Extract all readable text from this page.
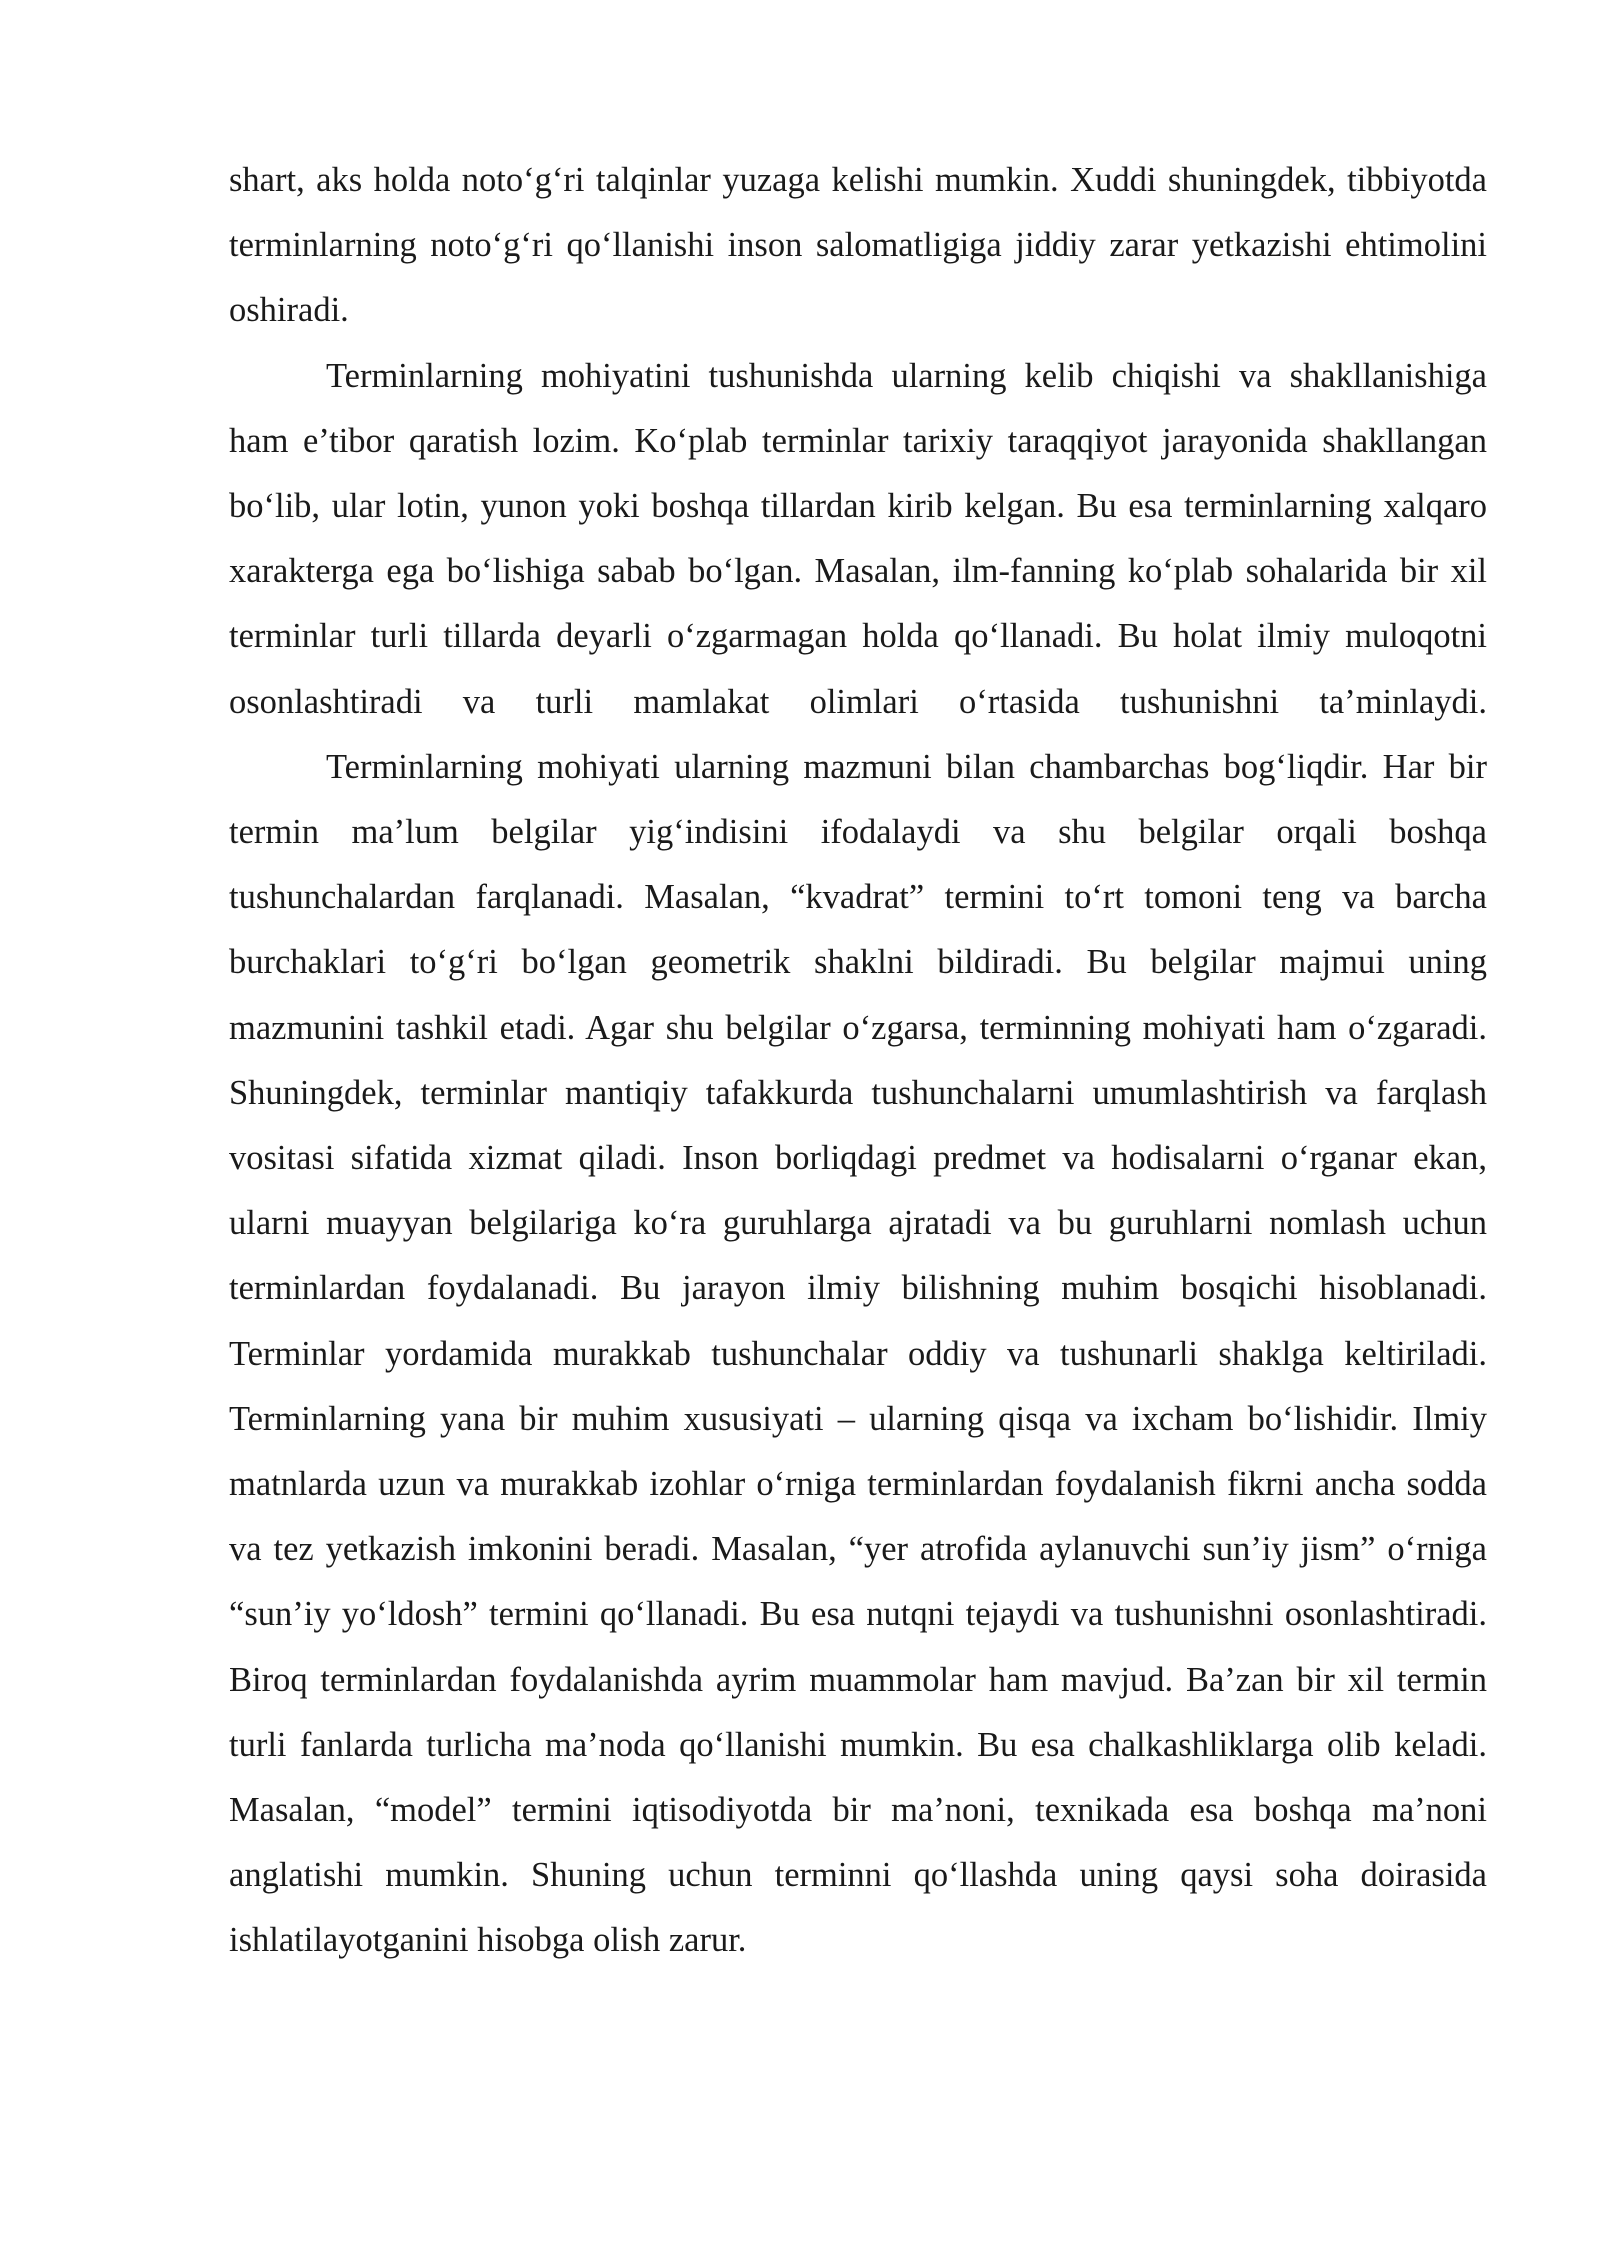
shart, aks holda noto‘g‘ri talqinlar yuzaga kelishi mumkin. Xuddi shuningdek, tibbiyotda terminlarning noto‘g‘ri qo‘llanishi inson salomatligiga jiddiy zarar yetkazishi ehtimolini oshiradi.

Terminlarning mohiyatini tushunishda ularning kelib chiqishi va shakllanishiga ham e’tibor qaratish lozim. Ko‘plab terminlar tarixiy taraqqiyot jarayonida shakllangan bo‘lib, ular lotin, yunon yoki boshqa tillardan kirib kelgan. Bu esa terminlarning xalqaro xarakterga ega bo‘lishiga sabab bo‘lgan. Masalan, ilm-fanning ko‘plab sohalarida bir xil terminlar turli tillarda deyarli o‘zgarmagan holda qo‘llanadi. Bu holat ilmiy muloqotni osonlashtiradi va turli mamlakat olimlari o‘rtasida tushunishni ta’minlaydi.

Terminlarning mohiyati ularning mazmuni bilan chambarchas bog‘liqdir. Har bir termin ma’lum belgilar yig‘indisini ifodalaydi va shu belgilar orqali boshqa tushunchalardan farqlanadi. Masalan, “kvadrat” termini to‘rt tomoni teng va barcha burchaklari to‘g‘ri bo‘lgan geometrik shaklni bildiradi. Bu belgilar majmui uning mazmunini tashkil etadi. Agar shu belgilar o‘zgarsa, terminning mohiyati ham o‘zgaradi. Shuningdek, terminlar mantiqiy tafakkurda tushunchalarni umumlashtirish va farqlash vositasi sifatida xizmat qiladi. Inson borliqdagi predmet va hodisalarni o‘rganar ekan, ularni muayyan belgilariga ko‘ra guruhlarga ajratadi va bu guruhlarni nomlash uchun terminlardan foydalanadi. Bu jarayon ilmiy bilishning muhim bosqichi hisoblanadi. Terminlar yordamida murakkab tushunchalar oddiy va tushunarli shaklga keltiriladi. Terminlarning yana bir muhim xususiyati – ularning qisqa va ixcham bo‘lishidir. Ilmiy matnlarda uzun va murakkab izohlar o‘rniga terminlardan foydalanish fikrni ancha sodda va tez yetkazish imkonini beradi. Masalan, “yer atrofida aylanuvchi sun’iy jism” o‘rniga “sun’iy yo‘ldosh” termini qo‘llanadi. Bu esa nutqni tejaydi va tushunishni osonlashtiradi. Biroq terminlardan foydalanishda ayrim muammolar ham mavjud. Ba’zan bir xil termin turli fanlarda turlicha ma’noda qo‘llanishi mumkin. Bu esa chalkashliklarga olib keladi. Masalan, “model” termini iqtisodiyotda bir ma’noni, texnikada esa boshqa ma’noni anglatishi mumkin. Shuning uchun terminni qo‘llashda uning qaysi soha doirasida ishlatilayotganini hisobga olish zarur.
